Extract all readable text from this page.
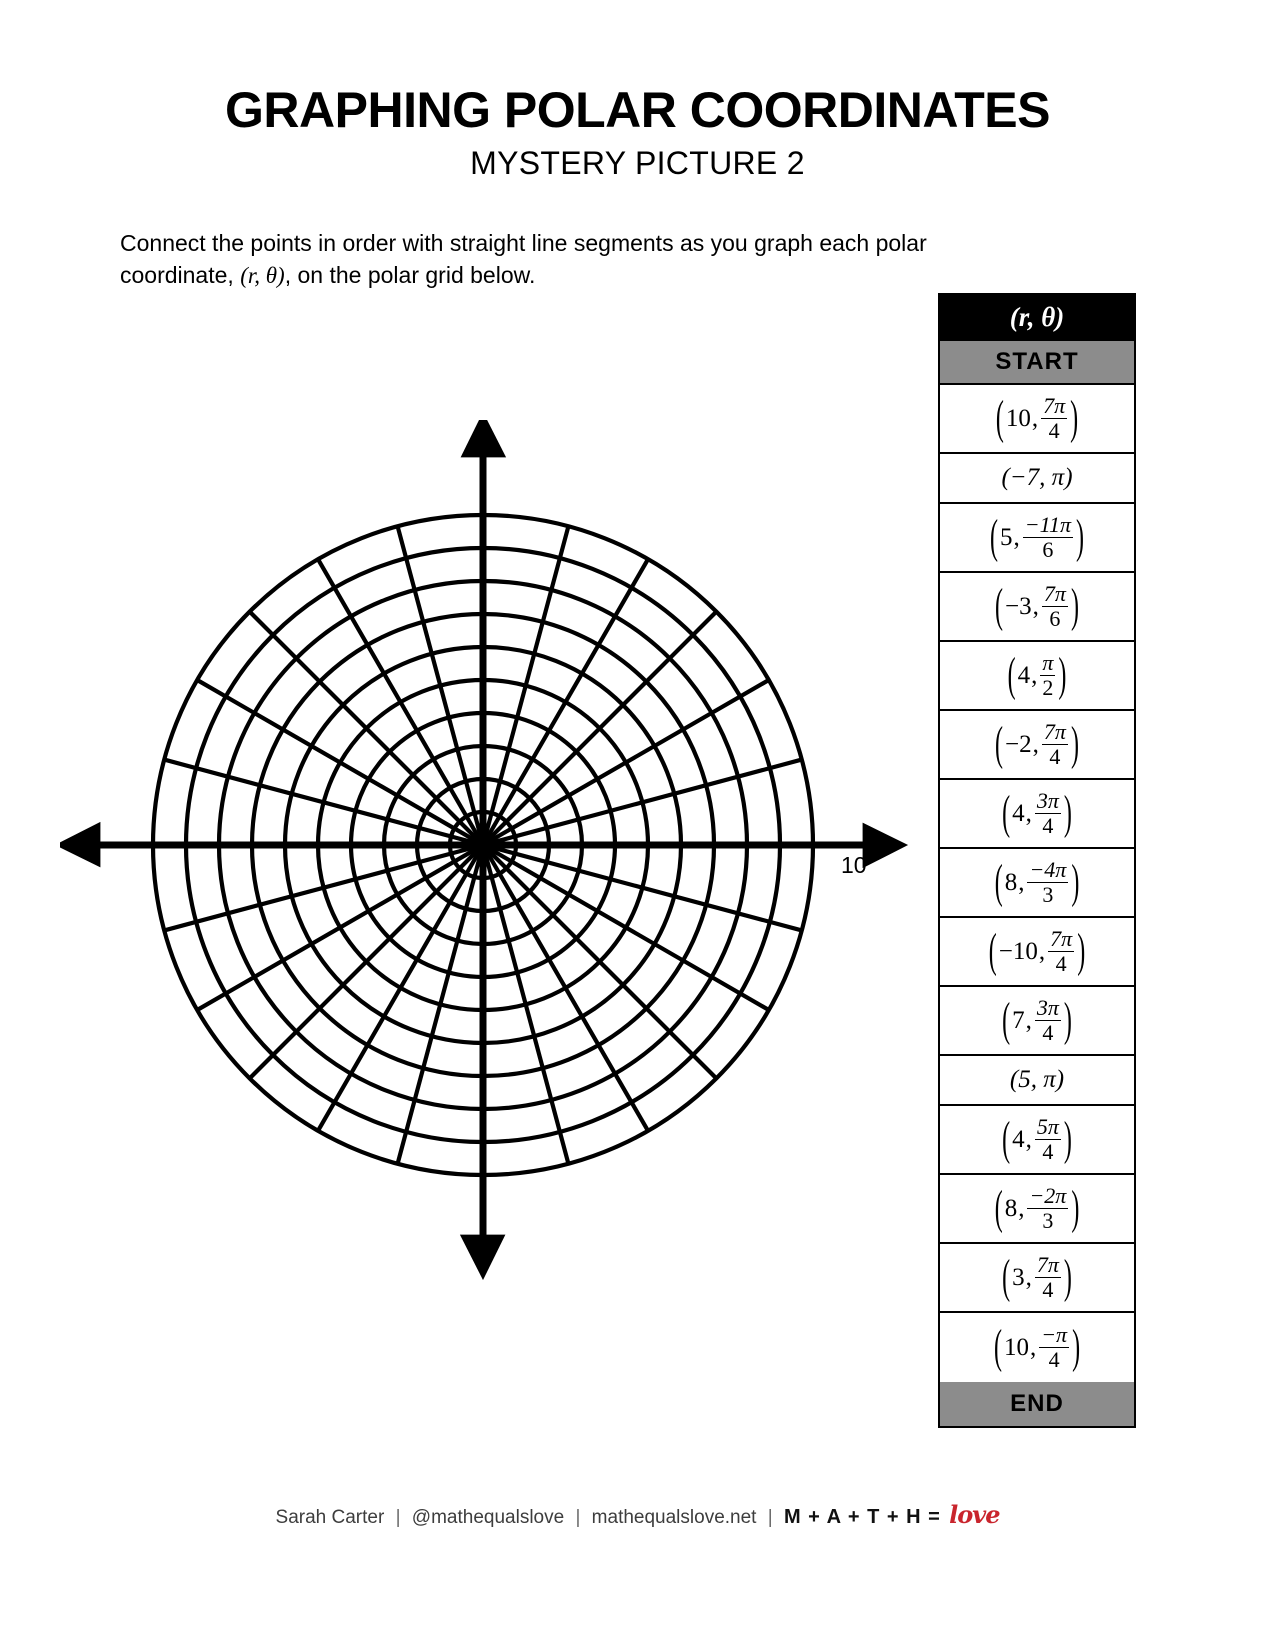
GRAPHING POLAR COORDINATES
MYSTERY PICTURE 2
Connect the points in order with straight line segments as you graph each polar
coordinate, (r, θ), on the polar grid below.
10
(r, θ)
START
( 10 , $\frac{7\pi}{4}$ )
(−7, π)
( 5 , $\frac{-11\pi}{6}$ )
( −3 , $\frac{7\pi}{6}$ )
( 4 , $\frac{\pi}{2}$ )
( −2 , $\frac{7\pi}{4}$ )
( 4 , $\frac{3\pi}{4}$ )
( 8 , $\frac{-4\pi}{3}$ )
( −10 , $\frac{7\pi}{4}$ )
( 7 , $\frac{3\pi}{4}$ )
(5, π)
( 4 , $\frac{5\pi}{4}$ )
( 8 , $\frac{-2\pi}{3}$ )
( 3 , $\frac{7\pi}{4}$ )
( 10 , $\frac{-\pi}{4}$ )
END
Sarah Carter | @mathequalslove | mathequalslove.net | M + A + T + H = love
